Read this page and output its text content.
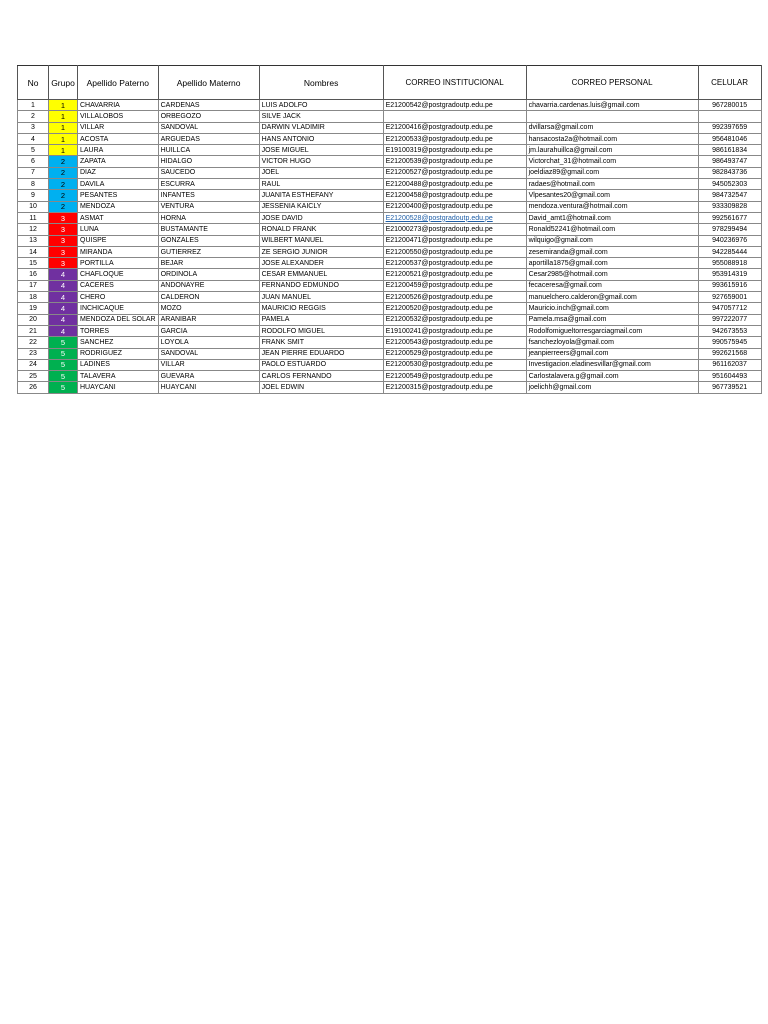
No	Grupo	Apellido Paterno	Apellido Materno	Nombres	CORREO INSTITUCIONAL	CORREO PERSONAL	CELULAR
1	1	CHAVARRIA	CARDENAS	LUIS ADOLFO	E21200542@postgradoutp.edu.pe	chavarria.cardenas.luis@gmail.com	967280015
2	1	VILLALOBOS	ORBEGOZO	SILVE JACK			
3	1	VILLAR	SANDOVAL	DARWIN VLADIMIR	E21200416@postgradoutp.edu.pe	dvillarsa@gmail.com	992397659
4	1	ACOSTA	ARGUEDAS	HANS ANTONIO	E21200533@postgradoutp.edu.pe	hansacosta2a@hotmail.com	956481046
5	1	LAURA	HUILLCA	JOSE MIGUEL	E19100319@postgradoutp.edu.pe	jm.laurahuillca@gmail.com	986161834
6	2	ZAPATA	HIDALGO	VICTOR HUGO	E21200539@postgradoutp.edu.pe	Victorchat_31@hotmail.com	986493747
7	2	DIAZ	SAUCEDO	JOEL	E21200527@postgradoutp.edu.pe	joeldiaz89@gmail.com	982843736
8	2	DAVILA	ESCURRA	RAUL	E21200488@postgradoutp.edu.pe	radaes@hotmail.com	945052303
9	2	PESANTES	INFANTES	JUANITA ESTHEFANY	E21200458@postgradoutp.edu.pe	Vlpesantes20@gmail.com	984732547
10	2	MENDOZA	VENTURA	JESSENIA KAICLY	E21200400@postgradoutp.edu.pe	mendoza.ventura@hotmail.com	933309828
11	3	ASMAT	HORNA	JOSE DAVID	E21200528@postgradoutp.edu.pe	David_amt1@hotmail.com	992561677
12	3	LUNA	BUSTAMANTE	RONALD FRANK	E21000273@postgradoutp.edu.pe	Ronald52241@hotmail.com	978299494
13	3	QUISPE	GONZALES	WILBERT MANUEL	E21200471@postgradoutp.edu.pe	wilquigo@gmail.com	940236976
14	3	MIRANDA	GUTIERREZ	ZE SERGIO JUNIOR	E21200550@postgradoutp.edu.pe	zesemiranda@gmail.com	942285444
15	3	PORTILLA	BEJAR	JOSE ALEXANDER	E21200537@postgradoutp.edu.pe	aportilla1875@gmail.com	955088918
16	4	CHAFLOQUE	ORDINOLA	CESAR EMMANUEL	E21200521@postgradoutp.edu.pe	Cesar2985@hotmail.com	953914319
17	4	CACERES	ANDONAYRE	FERNANDO EDMUNDO	E21200459@postgradoutp.edu.pe	fecaceresa@gmail.com	993615916
18	4	CHERO	CALDERON	JUAN MANUEL	E21200526@postgradoutp.edu.pe	manuelchero.calderon@gmail.com	927659001
19	4	INCHICAQUE	MOZO	MAURICIO REGGIS	E21200520@postgradoutp.edu.pe	Mauricio.inch@gmail.com	947057712
20	4	MENDOZA DEL SOLAR	ARANIBAR	PAMELA	E21200532@postgradoutp.edu.pe	Pamela.msa@gmail.com	997222077
21	4	TORRES	GARCIA	RODOLFO MIGUEL	E19100241@postgradoutp.edu.pe	Rodolfomigueltorresgarciagmail.com	942673553
22	5	SANCHEZ	LOYOLA	FRANK SMIT	E21200543@postgradoutp.edu.pe	fsanchezloyola@gmail.com	990575945
23	5	RODRIGUEZ	SANDOVAL	JEAN PIERRE EDUARDO	E21200529@postgradoutp.edu.pe	jeanpierreers@gmail.com	992621568
24	5	LADINES	VILLAR	PAOLO ESTUARDO	E21200530@postgradoutp.edu.pe	Investigacion.eladinesvillar@gmail.com	961162037
25	5	TALAVERA	GUEVARA	CARLOS FERNANDO	E21200549@postgradoutp.edu.pe	Carlostalavera.g@gmail.com	951604493
26	5	HUAYCANI	HUAYCANI	JOEL EDWIN	E21200315@postgradoutp.edu.pe	joelichh@gmail.com	967739521
